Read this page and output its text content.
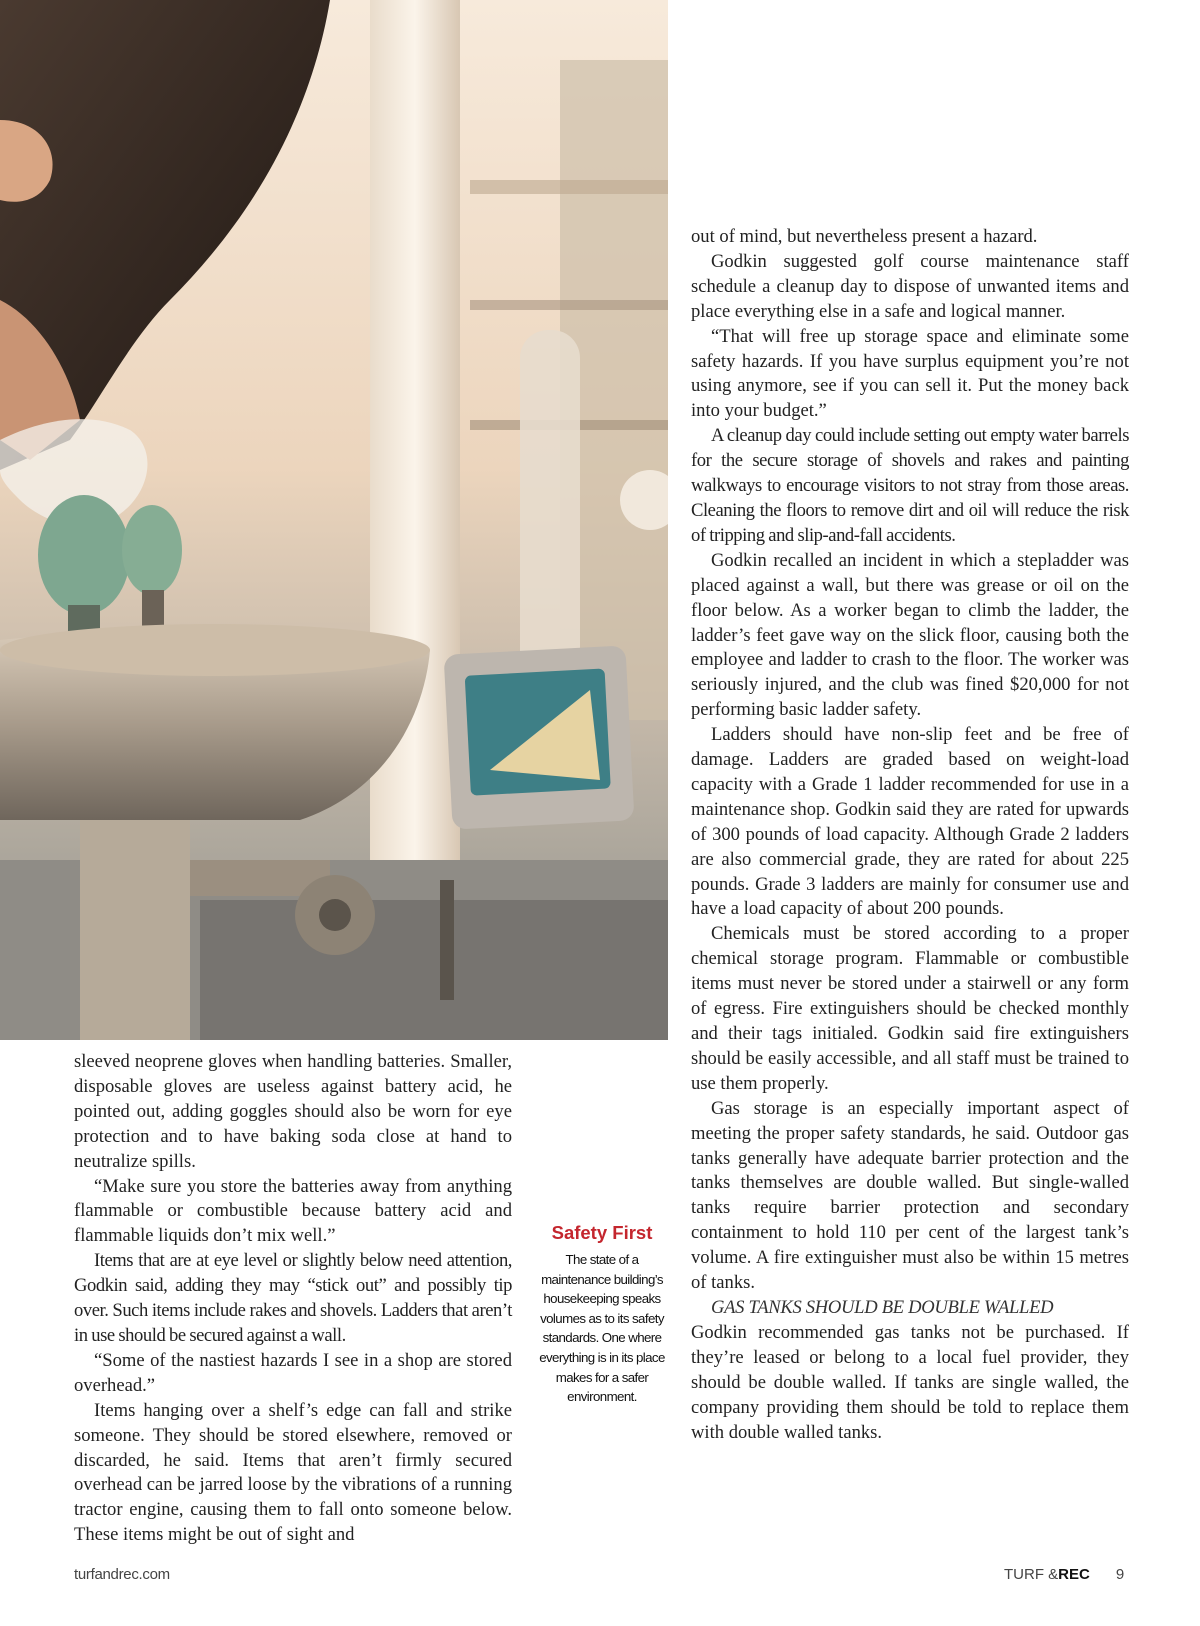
sleeved neoprene gloves when handling batteries. Smaller, disposable gloves are useless against battery acid, he pointed out, adding goggles should also be worn for eye protection and to have baking soda close at hand to neutralize spills.

“Make sure you store the batteries away from anything flammable or combustible because battery acid and flammable liquids don’t mix well.”

Items that are at eye level or slightly below need attention, Godkin said, adding they may “stick out” and possibly tip over. Such items include rakes and shovels. Ladders that aren’t in use should be secured against a wall.

“Some of the nastiest hazards I see in a shop are stored overhead.”

Items hanging over a shelf’s edge can fall and strike someone. They should be stored elsewhere, removed or discarded, he said. Items that aren’t firmly secured overhead can be jarred loose by the vibrations of a running tractor engine, causing them to fall onto someone below. These items might be out of sight and

Safety First
The state of a maintenance building’s housekeeping speaks volumes as to its safety standards. One where everything is in its place makes for a safer environment.

out of mind, but nevertheless present a hazard.

Godkin suggested golf course maintenance staff schedule a cleanup day to dispose of unwanted items and place everything else in a safe and logical manner.

“That will free up storage space and eliminate some safety hazards. If you have surplus equipment you’re not using anymore, see if you can sell it. Put the money back into your budget.”

A cleanup day could include setting out empty water barrels for the secure storage of shovels and rakes and painting walkways to encourage visitors to not stray from those areas. Cleaning the floors to remove dirt and oil will reduce the risk of tripping and slip-and-fall accidents.

Godkin recalled an incident in which a stepladder was placed against a wall, but there was grease or oil on the floor below. As a worker began to climb the ladder, the ladder’s feet gave way on the slick floor, causing both the employee and ladder to crash to the floor. The worker was seriously injured, and the club was fined $20,000 for not performing basic ladder safety.

Ladders should have non-slip feet and be free of damage. Ladders are graded based on weight-load capacity with a Grade 1 ladder recommended for use in a maintenance shop. Godkin said they are rated for upwards of 300 pounds of load capacity. Although Grade 2 ladders are also commercial grade, they are rated for about 225 pounds. Grade 3 ladders are mainly for consumer use and have a load capacity of about 200 pounds.

Chemicals must be stored according to a proper chemical storage program. Flammable or combustible items must never be stored under a stairwell or any form of egress. Fire extinguishers should be checked monthly and their tags initialed. Godkin said fire extinguishers should be easily accessible, and all staff must be trained to use them properly.

Gas storage is an especially important aspect of meeting the proper safety standards, he said. Outdoor gas tanks generally have adequate barrier protection and the tanks themselves are double walled. But single-walled tanks require barrier protection and secondary containment to hold 110 per cent of the largest tank’s volume. A fire extinguisher must also be within 15 metres of tanks.

GAS TANKS SHOULD BE DOUBLE WALLED

Godkin recommended gas tanks not be purchased. If they’re leased or belong to a local fuel provider, they should be double walled. If tanks are single walled, the company providing them should be told to replace them with double walled tanks.

turfandrec.com	TURF &REC 9
